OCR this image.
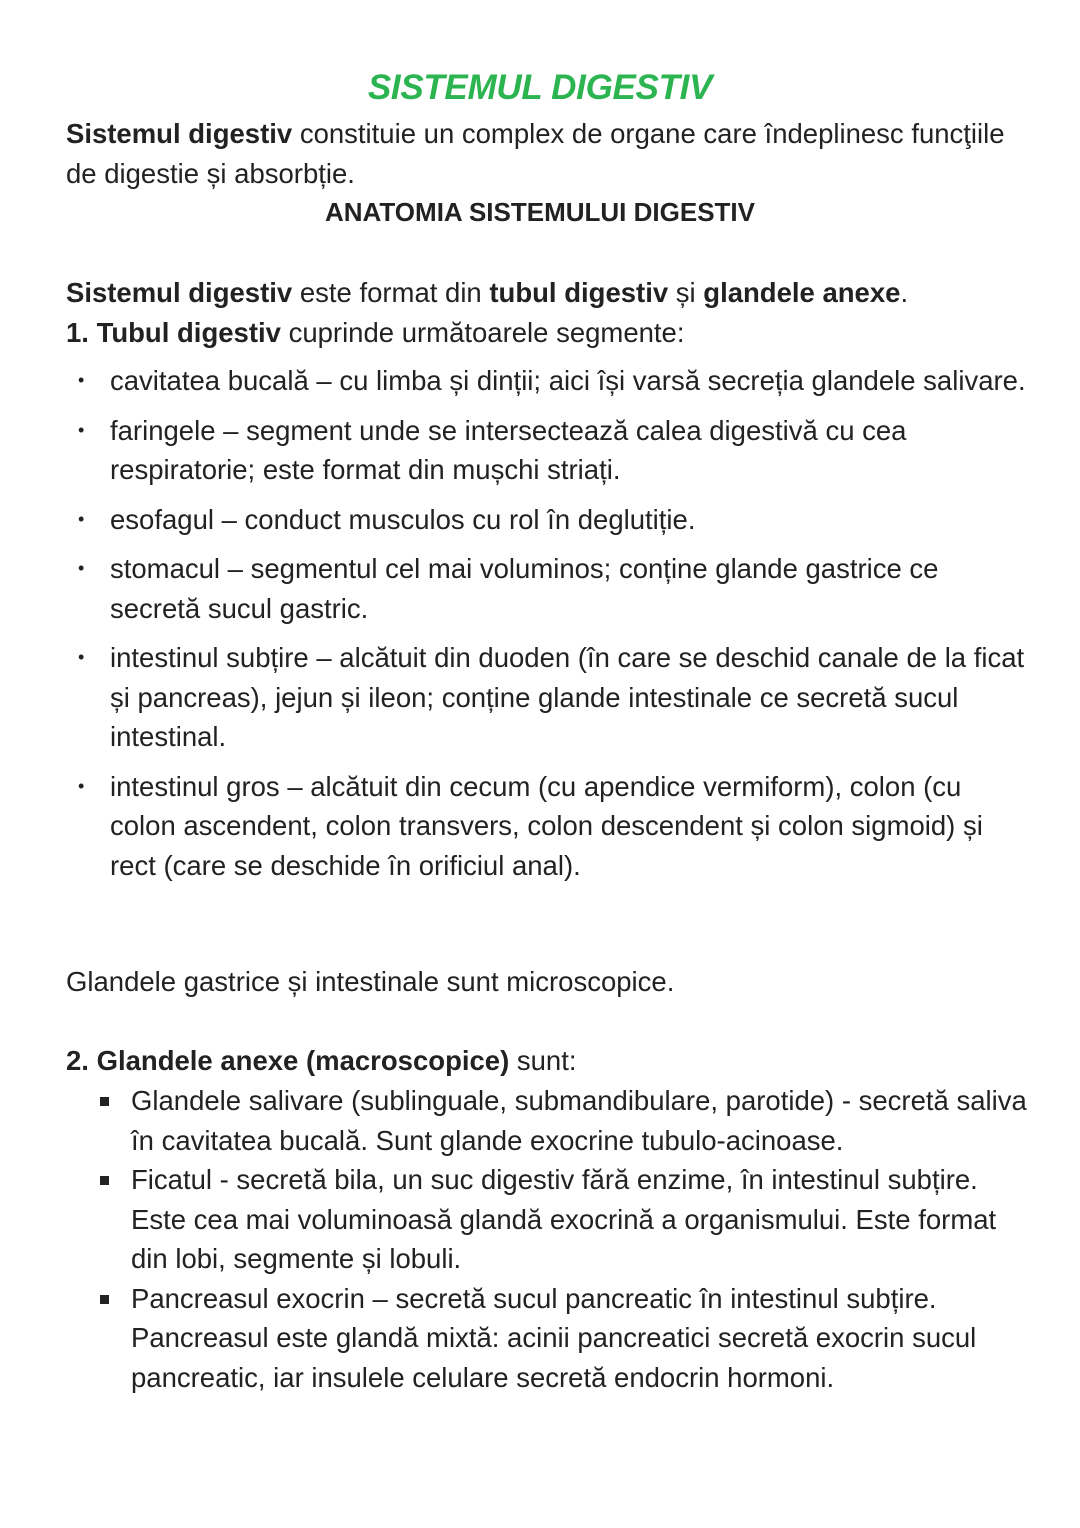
SISTEMUL DIGESTIV

Sistemul digestiv constituie un complex de organe care îndeplinesc funcţiile de digestie și absorbție.

ANATOMIA SISTEMULUI DIGESTIV

Sistemul digestiv este format din tubul digestiv și glandele anexe.

1. Tubul digestiv cuprinde următoarele segmente:

• cavitatea bucală – cu limba și dinții; aici își varsă secreția glandele salivare.
• faringele – segment unde se intersectează calea digestivă cu cea respiratorie; este format din mușchi striați.
• esofagul – conduct musculos cu rol în deglutiție.
• stomacul – segmentul cel mai voluminos; conține glande gastrice ce secretă sucul gastric.
• intestinul subțire – alcătuit din duoden (în care se deschid canale de la ficat și pancreas), jejun și ileon; conține glande intestinale ce secretă sucul intestinal.
• intestinul gros – alcătuit din cecum (cu apendice vermiform), colon (cu colon ascendent, colon transvers, colon descendent și colon sigmoid) și rect (care se deschide în orificiul anal).

Glandele gastrice și intestinale sunt microscopice.

2. Glandele anexe (macroscopice) sunt:

Glandele salivare (sublinguale, submandibulare, parotide) - secretă saliva în cavitatea bucală. Sunt glande exocrine tubulo-acinoase.
Ficatul - secretă bila, un suc digestiv fără enzime, în intestinul subțire. Este cea mai voluminoasă glandă exocrină a organismului. Este format din lobi, segmente și lobuli.
Pancreasul exocrin – secretă sucul pancreatic în intestinul subțire. Pancreasul este glandă mixtă: acinii pancreatici secretă exocrin sucul pancreatic, iar insulele celulare secretă endocrin hormoni.
